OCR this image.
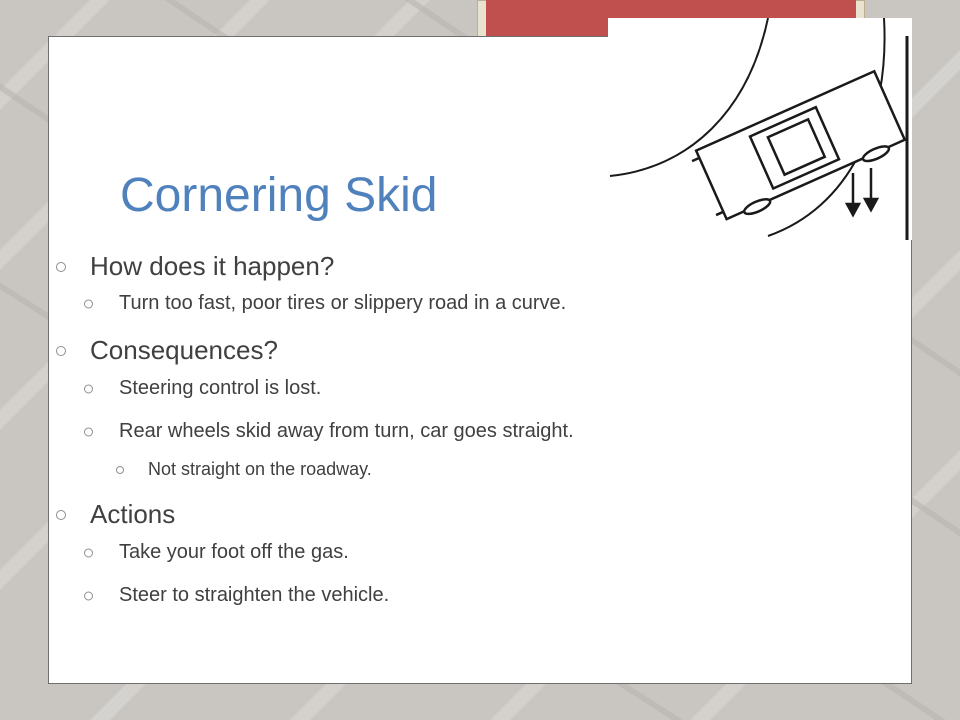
Cornering Skid
How does it happen?
Turn too fast, poor tires or slippery road in a curve.
Consequences?
Steering control is lost.
Rear wheels skid away from turn, car goes straight.
Not straight on the roadway.
Actions
Take your foot off the gas.
Steer to straighten the vehicle.
